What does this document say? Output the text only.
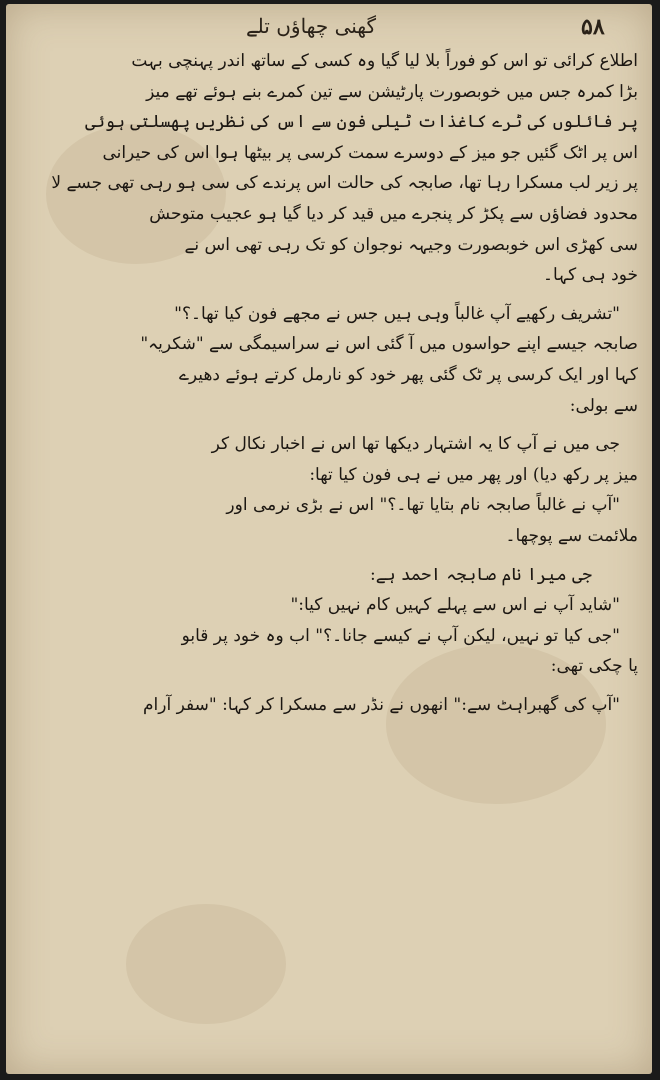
گھنی چھاؤں تلے	۵۸
اطلاع کرائی تو اس کو فوراً بلا لیا گیا وہ کسی کے ساتھ اندر پہنچی بہت
بڑا کمرہ جس میں خوبصورت پارٹیشن سے تین کمرے بنے ہوئے تھے میز
پر فائلوں کی ٹرے کاغذات ٹیلی فون سے اس کی نظریں پھسلتی ہوئی
اس پر اٹک گئیں جو میز کے دوسرے سمت کرسی پر بیٹھا ہوا اس کی حیرانی
پر زیر لب مسکرا رہا تھا، صابجہ کی حالت اس پرندے کی سی ہو رہی تھی جسے لا
محدود فضاؤں سے پکڑ کر پنجرے میں قید کر دیا گیا ہو عجیب متوحش
سی کھڑی اس خوبصورت وجیہہ نوجوان کو تک رہی تھی اس نے
خود ہی کہا۔
"تشریف رکھیے آپ غالباً وہی ہیں جس نے مجھے فون کیا تھا۔؟"
صابجہ جیسے اپنے حواسوں میں آ گئی اس نے سراسیمگی سے "شکریہ"
کہا اور ایک کرسی پر ٹک گئی پھر خود کو نارمل کرتے ہوئے دھیرے
سے بولی:
جی میں نے آپ کا یہ اشتہار دیکھا تھا اس نے اخبار نکال کر
میز پر رکھ دیا) اور پھر میں نے ہی فون کیا تھا:
"آپ نے غالباً صابجہ نام بتایا تھا۔؟" اس نے بڑی نرمی اور
ملائمت سے پوچھا۔
جی میرا نام صابجہ احمد ہے:
"شاید آپ نے اس سے پہلے کہیں کام نہیں کیا:"
"جی کیا تو نہیں، لیکن آپ نے کیسے جانا۔؟" اب وہ خود پر قابو
پا چکی تھی:
"آپ کی گھبراہٹ سے:" انھوں نے نڈر سے مسکرا کر کہا: "سفر آرام
